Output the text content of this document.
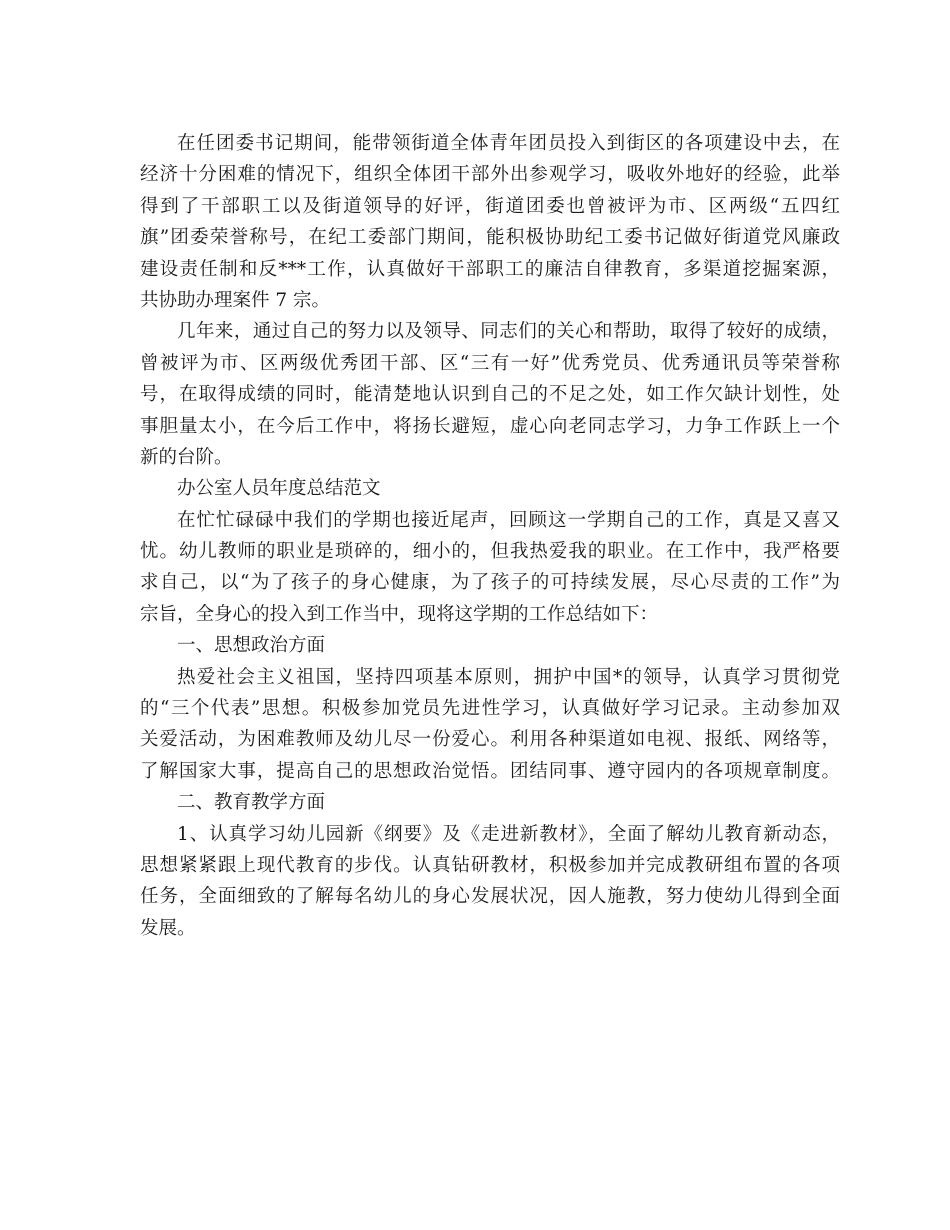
在任团委书记期间，能带领街道全体青年团员投入到街区的各项建设中去，在
经济十分困难的情况下，组织全体团干部外出参观学习，吸收外地好的经验，此举
得到了干部职工以及街道领导的好评，街道团委也曾被评为市、区两级“五四红
旗”团委荣誉称号，在纪工委部门期间，能积极协助纪工委书记做好街道党风廉政
建设责任制和反***工作，认真做好干部职工的廉洁自律教育，多渠道挖掘案源，
共协助办理案件 7 宗。
几年来，通过自己的努力以及领导、同志们的关心和帮助，取得了较好的成绩，
曾被评为市、区两级优秀团干部、区“三有一好”优秀党员、优秀通讯员等荣誉称
号，在取得成绩的同时，能清楚地认识到自己的不足之处，如工作欠缺计划性，处
事胆量太小，在今后工作中，将扬长避短，虚心向老同志学习，力争工作跃上一个
新的台阶。
办公室人员年度总结范文
在忙忙碌碌中我们的学期也接近尾声，回顾这一学期自己的工作，真是又喜又
忧。幼儿教师的职业是琐碎的，细小的，但我热爱我的职业。在工作中，我严格要
求自己，以“为了孩子的身心健康，为了孩子的可持续发展，尽心尽责的工作”为
宗旨，全身心的投入到工作当中，现将这学期的工作总结如下：
一、思想政治方面
热爱社会主义祖国，坚持四项基本原则，拥护中国*的领导，认真学习贯彻党
的“三个代表”思想。积极参加党员先进性学习，认真做好学习记录。主动参加双
关爱活动，为困难教师及幼儿尽一份爱心。利用各种渠道如电视、报纸、网络等，
了解国家大事，提高自己的思想政治觉悟。团结同事、遵守园内的各项规章制度。
二、教育教学方面
1、认真学习幼儿园新《纲要》及《走进新教材》，全面了解幼儿教育新动态，
思想紧紧跟上现代教育的步伐。认真钻研教材，积极参加并完成教研组布置的各项
任务，全面细致的了解每名幼儿的身心发展状况，因人施教，努力使幼儿得到全面
发展。
